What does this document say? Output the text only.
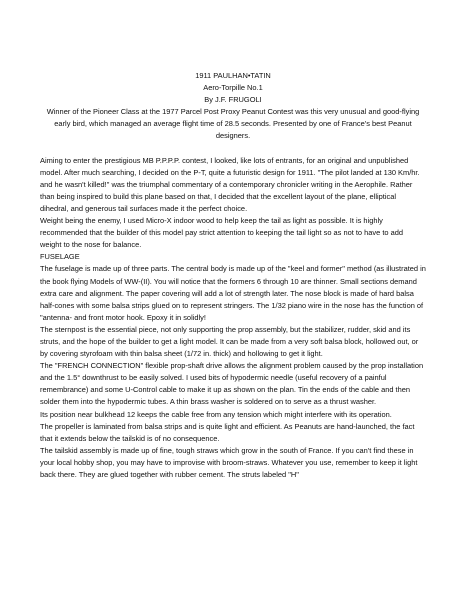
1911 PAULHAN•TATIN
Aero-Torpille No.1
By J.F. FRUGOLI

Winner of the Pioneer Class at the 1977 Parcel Post Proxy Peanut Contest was this very unusual and good-flying early bird, which managed an average flight time of 28.5 seconds. Presented by one of France's best Peanut designers.

Aiming to enter the prestigious MB P.P.P.P. contest, I looked, like lots of entrants, for an original and unpublished model. After much searching, I decided on the P-T, quite a futuristic design for 1911. "The pilot landed at 130 Km/hr. and he wasn't killed!" was the triumphal commentary of a contemporary chronicler writing in the Aerophile. Rather than being inspired to build this plane based on that, I decided that the excellent layout of the plane, elliptical dihedral, and generous tail surfaces made it the perfect choice.

Weight being the enemy, I used Micro-X indoor wood to help keep the tail as light as possible. It is highly recommended that the builder of this model pay strict attention to keeping the tail light so as not to have to add weight to the nose for balance.

FUSELAGE

The fuselage is made up of three parts. The central body is made up of the "keel and former" method (as illustrated in the book flying Models of WW-(II). You will notice that the formers 6 through 10 are thinner. Small sections demand extra care and alignment. The paper covering will add a lot of strength later. The nose block is made of hard balsa half-cones with some balsa strips glued on to represent stringers. The 1/32 piano wire in the nose has the function of "antenna- and front motor hook. Epoxy it in solidly!

The sternpost is the essential piece, not only supporting the prop assembly, but the stabilizer, rudder, skid and its struts, and the hope of the builder to get a light model. It can be made from a very soft balsa block, hollowed out, or by covering styrofoam with thin balsa sheet (1/72 in. thick) and hollowing to get it light.

The "FRENCH CONNECTION" flexible prop-shaft drive allows the alignment problem caused by the prop installation and the 1.5° downthrust to be easily solved. I used bits of hypodermic needle (useful recovery of a painful remembrance) and some U-Control cable to make it up as shown on the plan. Tin the ends of the cable and then solder them into the hypodermic tubes. A thin brass washer is soldered on to serve as a thrust washer.

Its position near bulkhead 12 keeps the cable free from any tension which might interfere with its operation.

The propeller is laminated from balsa strips and is quite light and efficient. As Peanuts are hand-launched, the fact that it extends below the tailskid is of no consequence.

The tailskid assembly is made up of fine, tough straws which grow in the south of France. If you can't find these in your local hobby shop, you may have to improvise with broom-straws. Whatever you use, remember to keep it light back there. They are glued together with rubber cement. The struts labeled "H"
